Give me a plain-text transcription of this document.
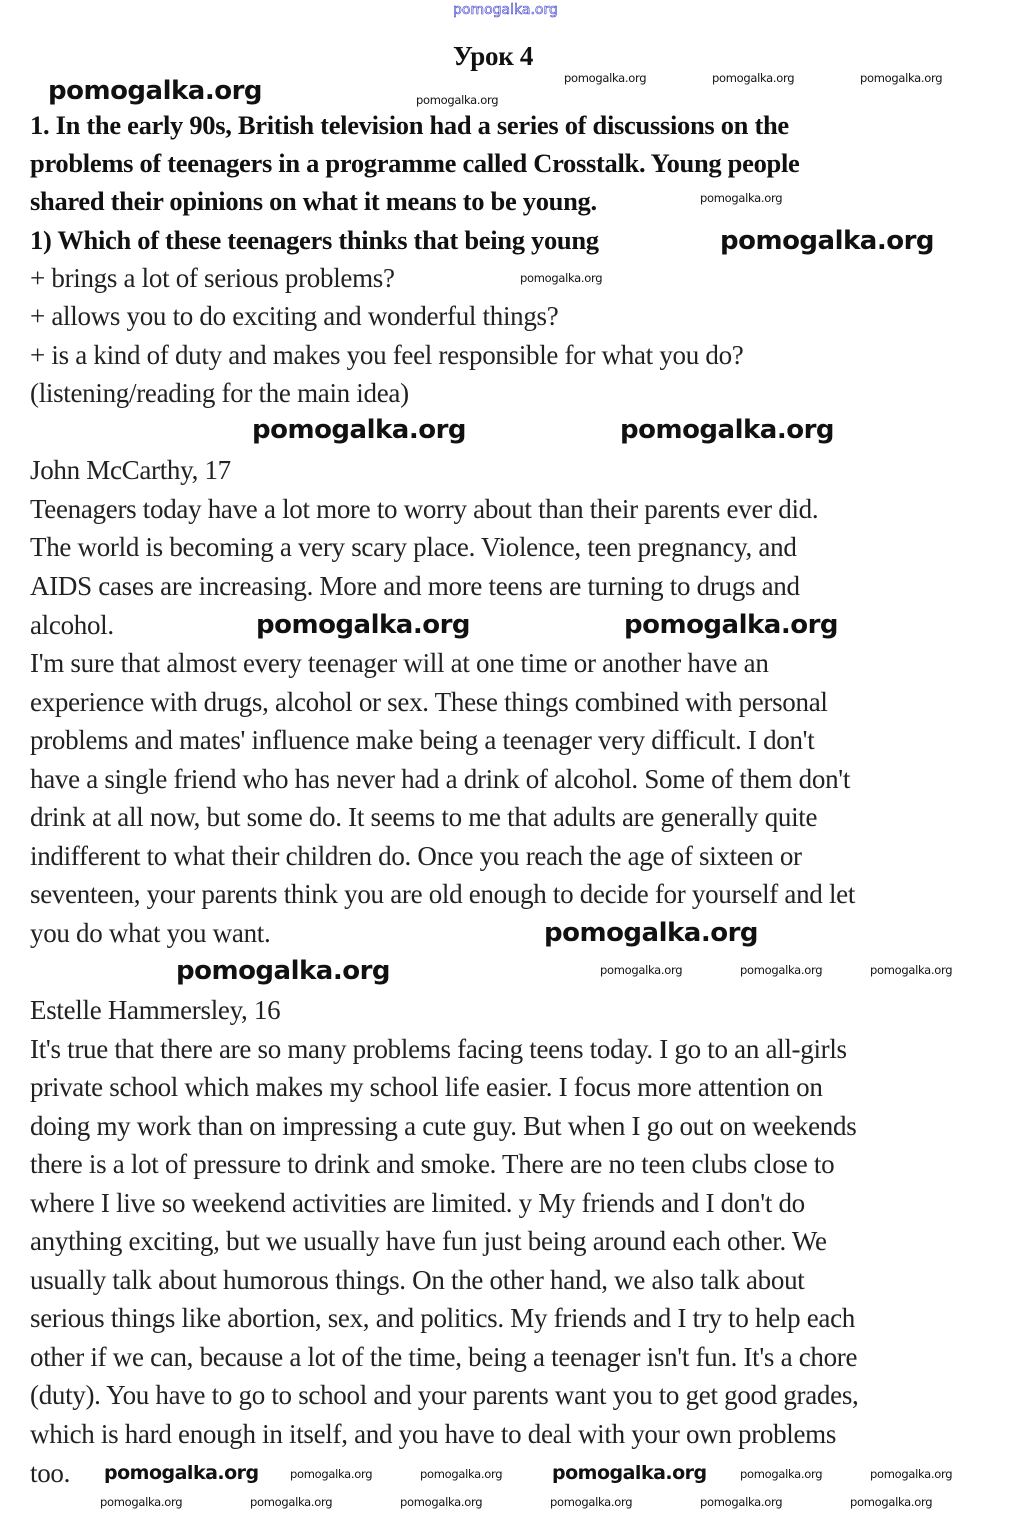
Урок 4
1. In the early 90s, British television had a series of discussions on the
problems of teenagers in a programme called Crosstalk. Young people
shared their opinions on what it means to be young.
1) Which of these teenagers thinks that being young
+ brings a lot of serious problems?
+ allows you to do exciting and wonderful things?
+ is a kind of duty and makes you feel responsible for what you do?
(listening/reading for the main idea)
John McCarthy, 17
Teenagers today have a lot more to worry about than their parents ever did.
The world is becoming a very scary place. Violence, teen pregnancy, and
AIDS cases are increasing. More and more teens are turning to drugs and
alcohol.
I'm sure that almost every teenager will at one time or another have an
experience with drugs, alcohol or sex. These things combined with personal
problems and mates' influence make being a teenager very difficult. I don't
have a single friend who has never had a drink of alcohol. Some of them don't
drink at all now, but some do. It seems to me that adults are generally quite
indifferent to what their children do. Once you reach the age of sixteen or
seventeen, your parents think you are old enough to decide for yourself and let
you do what you want.
Estelle Hammersley, 16
It's true that there are so many problems facing teens today. I go to an all-girls
private school which makes my school life easier. I focus more attention on
doing my work than on impressing a cute guy. But when I go out on weekends
there is a lot of pressure to drink and smoke. There are no teen clubs close to
where I live so weekend activities are limited. y My friends and I don't do
anything exciting, but we usually have fun just being around each other. We
usually talk about humorous things. On the other hand, we also talk about
serious things like abortion, sex, and politics. My friends and I try to help each
other if we can, because a lot of the time, being a teenager isn't fun. It's a chore
(duty). You have to go to school and your parents want you to get good grades,
which is hard enough in itself, and you have to deal with your own problems
too.
pomogalka.org
pomogalka.org
pomogalka.org
pomogalka.org	pomogalka.org
pomogalka.org	pomogalka.org
pomogalka.org
pomogalka.org
pomogalka.org	pomogalka.org
pomogalka.org	pomogalka.org	pomogalka.org
pomogalka.org
pomogalka.org
pomogalka.org
pomogalka.org	pomogalka.org	pomogalka.org
pomogalka.org	pomogalka.org	pomogalka.org	pomogalka.org
pomogalka.org	pomogalka.org	pomogalka.org	pomogalka.org	pomogalka.org	pomogalka.org
